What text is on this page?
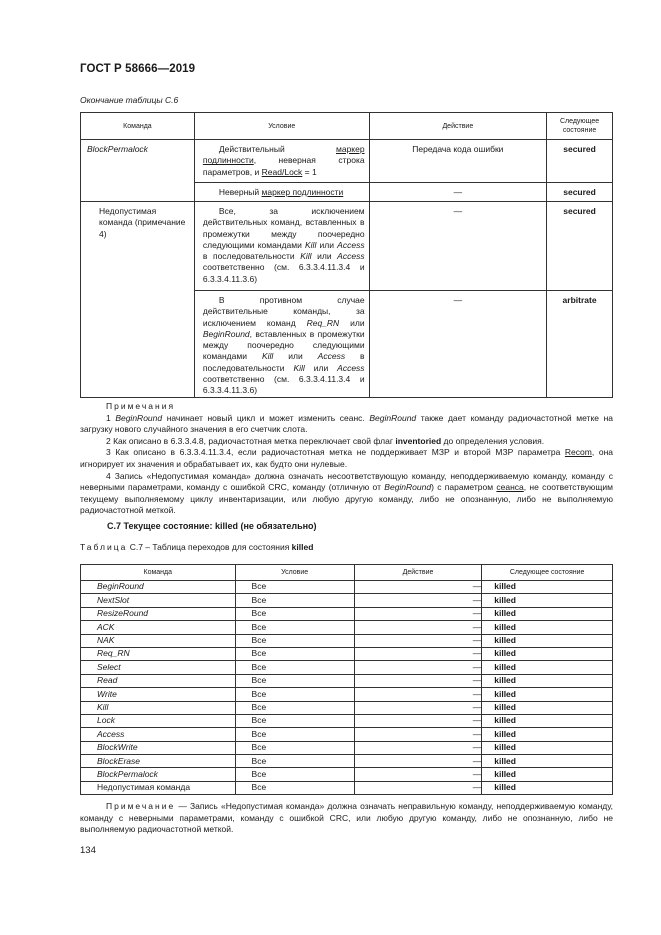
ГОСТ Р 58666—2019
Окончание таблицы С.6
Команда	Условие	Действие	Следующее состояние
BlockPermalock	Действительный маркер подлинности, неверная строка параметров, и Read/Lock = 1	Передача кода ошибки	secured
	Неверный маркер подлинности	—	secured
Недопустимая команда (примечание 4)	Все, за исключением действительных команд, вставленных в промежутки между поочередно следующими командами Kill или Access в последовательности Kill или Access соответственно (см. 6.3.3.4.11.3.4 и 6.3.3.4.11.3.6)	—	secured
	В противном случае действительные команды, за исключением команд Req_RN или BeginRound, вставленных в промежутки между поочередно следующими командами Kill или Access в последовательности Kill или Access соответственно (см. 6.3.3.4.11.3.4 и 6.3.3.4.11.3.6)	—	arbitrate

Примечания

1 BeginRound начинает новый цикл и может изменить сеанс. BeginRound также дает команду радиочастотной метке на загрузку нового случайного значения в его счетчик слота.

2 Как описано в 6.3.3.4.8, радиочастотная метка переключает свой флаг inventoried до определения условия.

3 Как описано в 6.3.3.4.11.3.4, если радиочастотная метка не поддерживает МЗР и второй МЗР параметра Recom, она игнорирует их значения и обрабатывает их, как будто они нулевые.

4 Запись «Недопустимая команда» должна означать несоответствующую команду, неподдерживаемую команду, команду с неверными параметрами, команду с ошибкой CRC, команду (отличную от BeginRound) с параметром сеанса, не соответствующим текущему выполняемому циклу инвентаризации, или любую другую команду, либо не опознанную, либо не выполняемую радиочастотной меткой.

С.7 Текущее состояние: killed (не обязательно)
Таблица С.7 – Таблица переходов для состояния killed
Команда	Условие	Действие	Следующее состояние
BeginRound	Все	—	killed
NextSlot	Все	—	killed
ResizeRound	Все	—	killed
ACK	Все	—	killed
NAK	Все	—	killed
Req_RN	Все	—	killed
Select	Все	—	killed
Read	Все	—	killed
Write	Все	—	killed
Kill	Все	—	killed
Lock	Все	—	killed
Access	Все	—	killed
BlockWrite	Все	—	killed
BlockErase	Все	—	killed
BlockPermalock	Все	—	killed
Недопустимая команда	Все	—	killed

Примечание — Запись «Недопустимая команда» должна означать неправильную команду, неподдерживаемую команду, команду с неверными параметрами, команду с ошибкой CRC, или любую другую команду, либо не опознанную, либо не выполняемую радиочастотной меткой.

134
